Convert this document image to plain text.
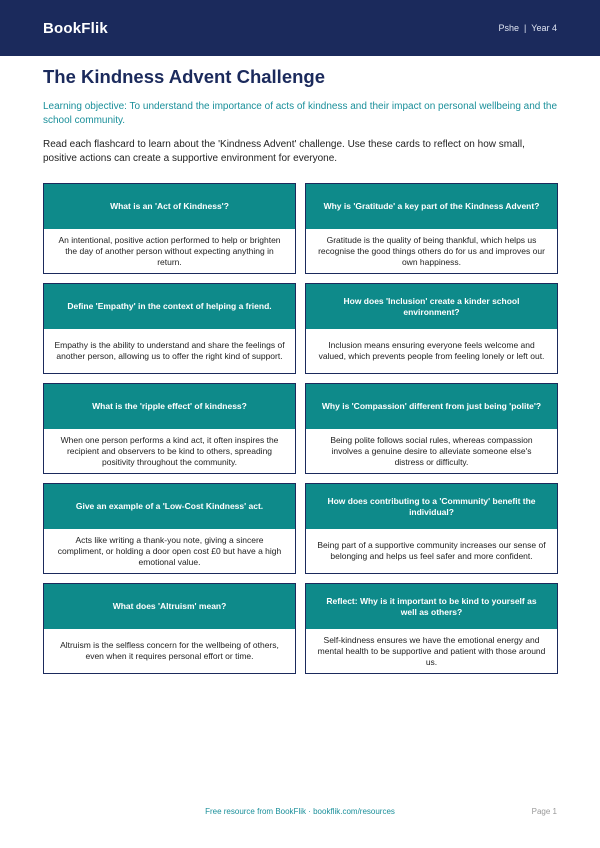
BookFlik	Pshe | Year 4
The Kindness Advent Challenge

Learning objective: To understand the importance of acts of kindness and their impact on personal wellbeing and the school community.

Read each flashcard to learn about the 'Kindness Advent' challenge. Use these cards to reflect on how small, positive actions can create a supportive environment for everyone.

What is an 'Act of Kindness'?
An intentional, positive action performed to help or brighten the day of another person without expecting anything in return.
Why is 'Gratitude' a key part of the Kindness Advent?
Gratitude is the quality of being thankful, which helps us recognise the good things others do for us and improves our own happiness.
Define 'Empathy' in the context of helping a friend.
Empathy is the ability to understand and share the feelings of another person, allowing us to offer the right kind of support.
How does 'Inclusion' create a kinder school environment?
Inclusion means ensuring everyone feels welcome and valued, which prevents people from feeling lonely or left out.
What is the 'ripple effect' of kindness?
When one person performs a kind act, it often inspires the recipient and observers to be kind to others, spreading positivity throughout the community.
Why is 'Compassion' different from just being 'polite'?
Being polite follows social rules, whereas compassion involves a genuine desire to alleviate someone else's distress or difficulty.
Give an example of a 'Low-Cost Kindness' act.
Acts like writing a thank-you note, giving a sincere compliment, or holding a door open cost £0 but have a high emotional value.
How does contributing to a 'Community' benefit the individual?
Being part of a supportive community increases our sense of belonging and helps us feel safer and more confident.
What does 'Altruism' mean?
Altruism is the selfless concern for the wellbeing of others, even when it requires personal effort or time.
Reflect: Why is it important to be kind to yourself as well as others?
Self-kindness ensures we have the emotional energy and mental health to be supportive and patient with those around us.
Free resource from BookFlik · bookflik.com/resources	Page 1
